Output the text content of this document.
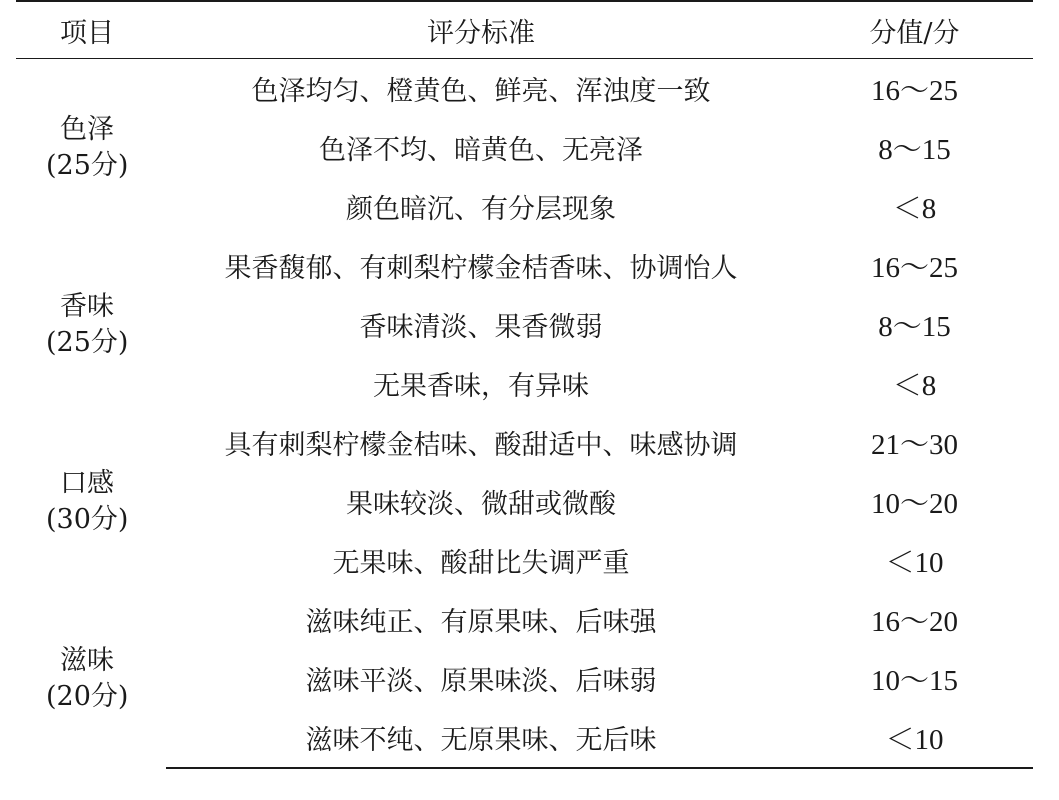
项目	评分标准	分值/分

色泽
(25分)	色泽均匀、橙黄色、鲜亮、浑浊度一致	16～25
	色泽不均、暗黄色、无亮泽	8～15
	颜色暗沉、有分层现象	＜8

香味
(25分)	果香馥郁、有刺梨柠檬金桔香味、协调怡人	16～25
	香味清淡、果香微弱	8～15
	无果香味，有异味	＜8

口感
(30分)	具有刺梨柠檬金桔味、酸甜适中、味感协调	21～30
	果味较淡、微甜或微酸	10～20
	无果味、酸甜比失调严重	＜10

滋味
(20分)	滋味纯正、有原果味、后味强	16～20
	滋味平淡、原果味淡、后味弱	10～15
	滋味不纯、无原果味、无后味	＜10
